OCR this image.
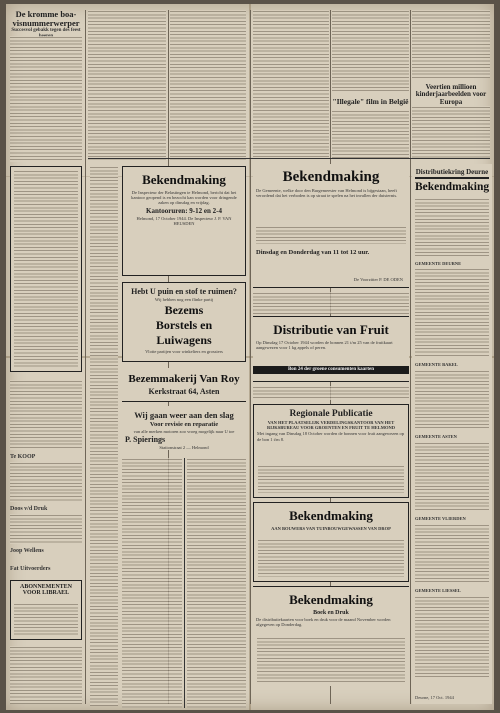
De kromme boa-visnummerwerper
Succesvol gebakk tegen des feest
Te KOOP
Doos v/d Druk
Joop Wellens
Fat Uitvoerders
ABONNEMENTEN VOOR LIBRAEL
Bekendmaking
De Inspecteur der Belastingen te Helmond, bericht dat het kantoor geopend is en bezocht kan worden voor dringende zaken op dinsdag en vrijdag.
Kantooruren: 9-12 en 2-4
Helmond, 17 October 1944. De Inspecteur J. P. VAN HEUSDEN
Hebt U puin en stof te ruimen?
Wij hebben nog een flinke partij
Bezems
Borstels en
Luiwagens
Vlotte partijen voor winkeliers en grossiers
Bezemmakerij Van Roy
Kerkstraat 64, Asten
Wij gaan weer aan den slag
Voor revisie en reparatie
van alle merken motoren zoo vroeg mogelijk naar U toe
P. Spierings
Stationstraat 2 — Helmond
"Illegale" film in België
Veertien millioen kinderjaarbeelden voor Europa
Bekendmaking
De Gemeente, welke door den Burgemeester van Helmond is bijgestaan, heeft verordend dat het verboden is op straat te spelen na het invallen der duisternis.
Dinsdag en Donderdag van 11 tot 12 uur.
De Voorzitter P. DE ODEN
Distributie van Fruit
Op Dinsdag 17 October 1944 worden de bonnen 21 t/m 25 van de fruitkaart aangewezen voor 1 kg appels of peren.
Bon 24 der groene consumenten kaarten
Regionale Publicatie
VAN HET PLAATSELIJK VERDELINGSKANTOOR VAN HET RIJKSBUREAU VOOR GROENTEN EN FRUIT TE HELMOND
Met ingang van Dinsdag 18 October worden de bonnen voor fruit aangewezen op de bon 1 t/m 8.
Bekendmaking
AAN BOUWERS VAN TUINBOUWGEWASSEN VAN DROP
Bekendmaking
Boek en Druk
De distributiekaarten voor boek en druk voor de maand November worden afgegeven op Donderdag.
Distributiekring Deurne
Bekendmaking
GEMEENTE DEURNE
GEMEENTE BAKEL
GEMEENTE ASTEN
GEMEENTE VLIERDEN
GEMEENTE LIESSEL
Deurne, 17 Oct. 1944
